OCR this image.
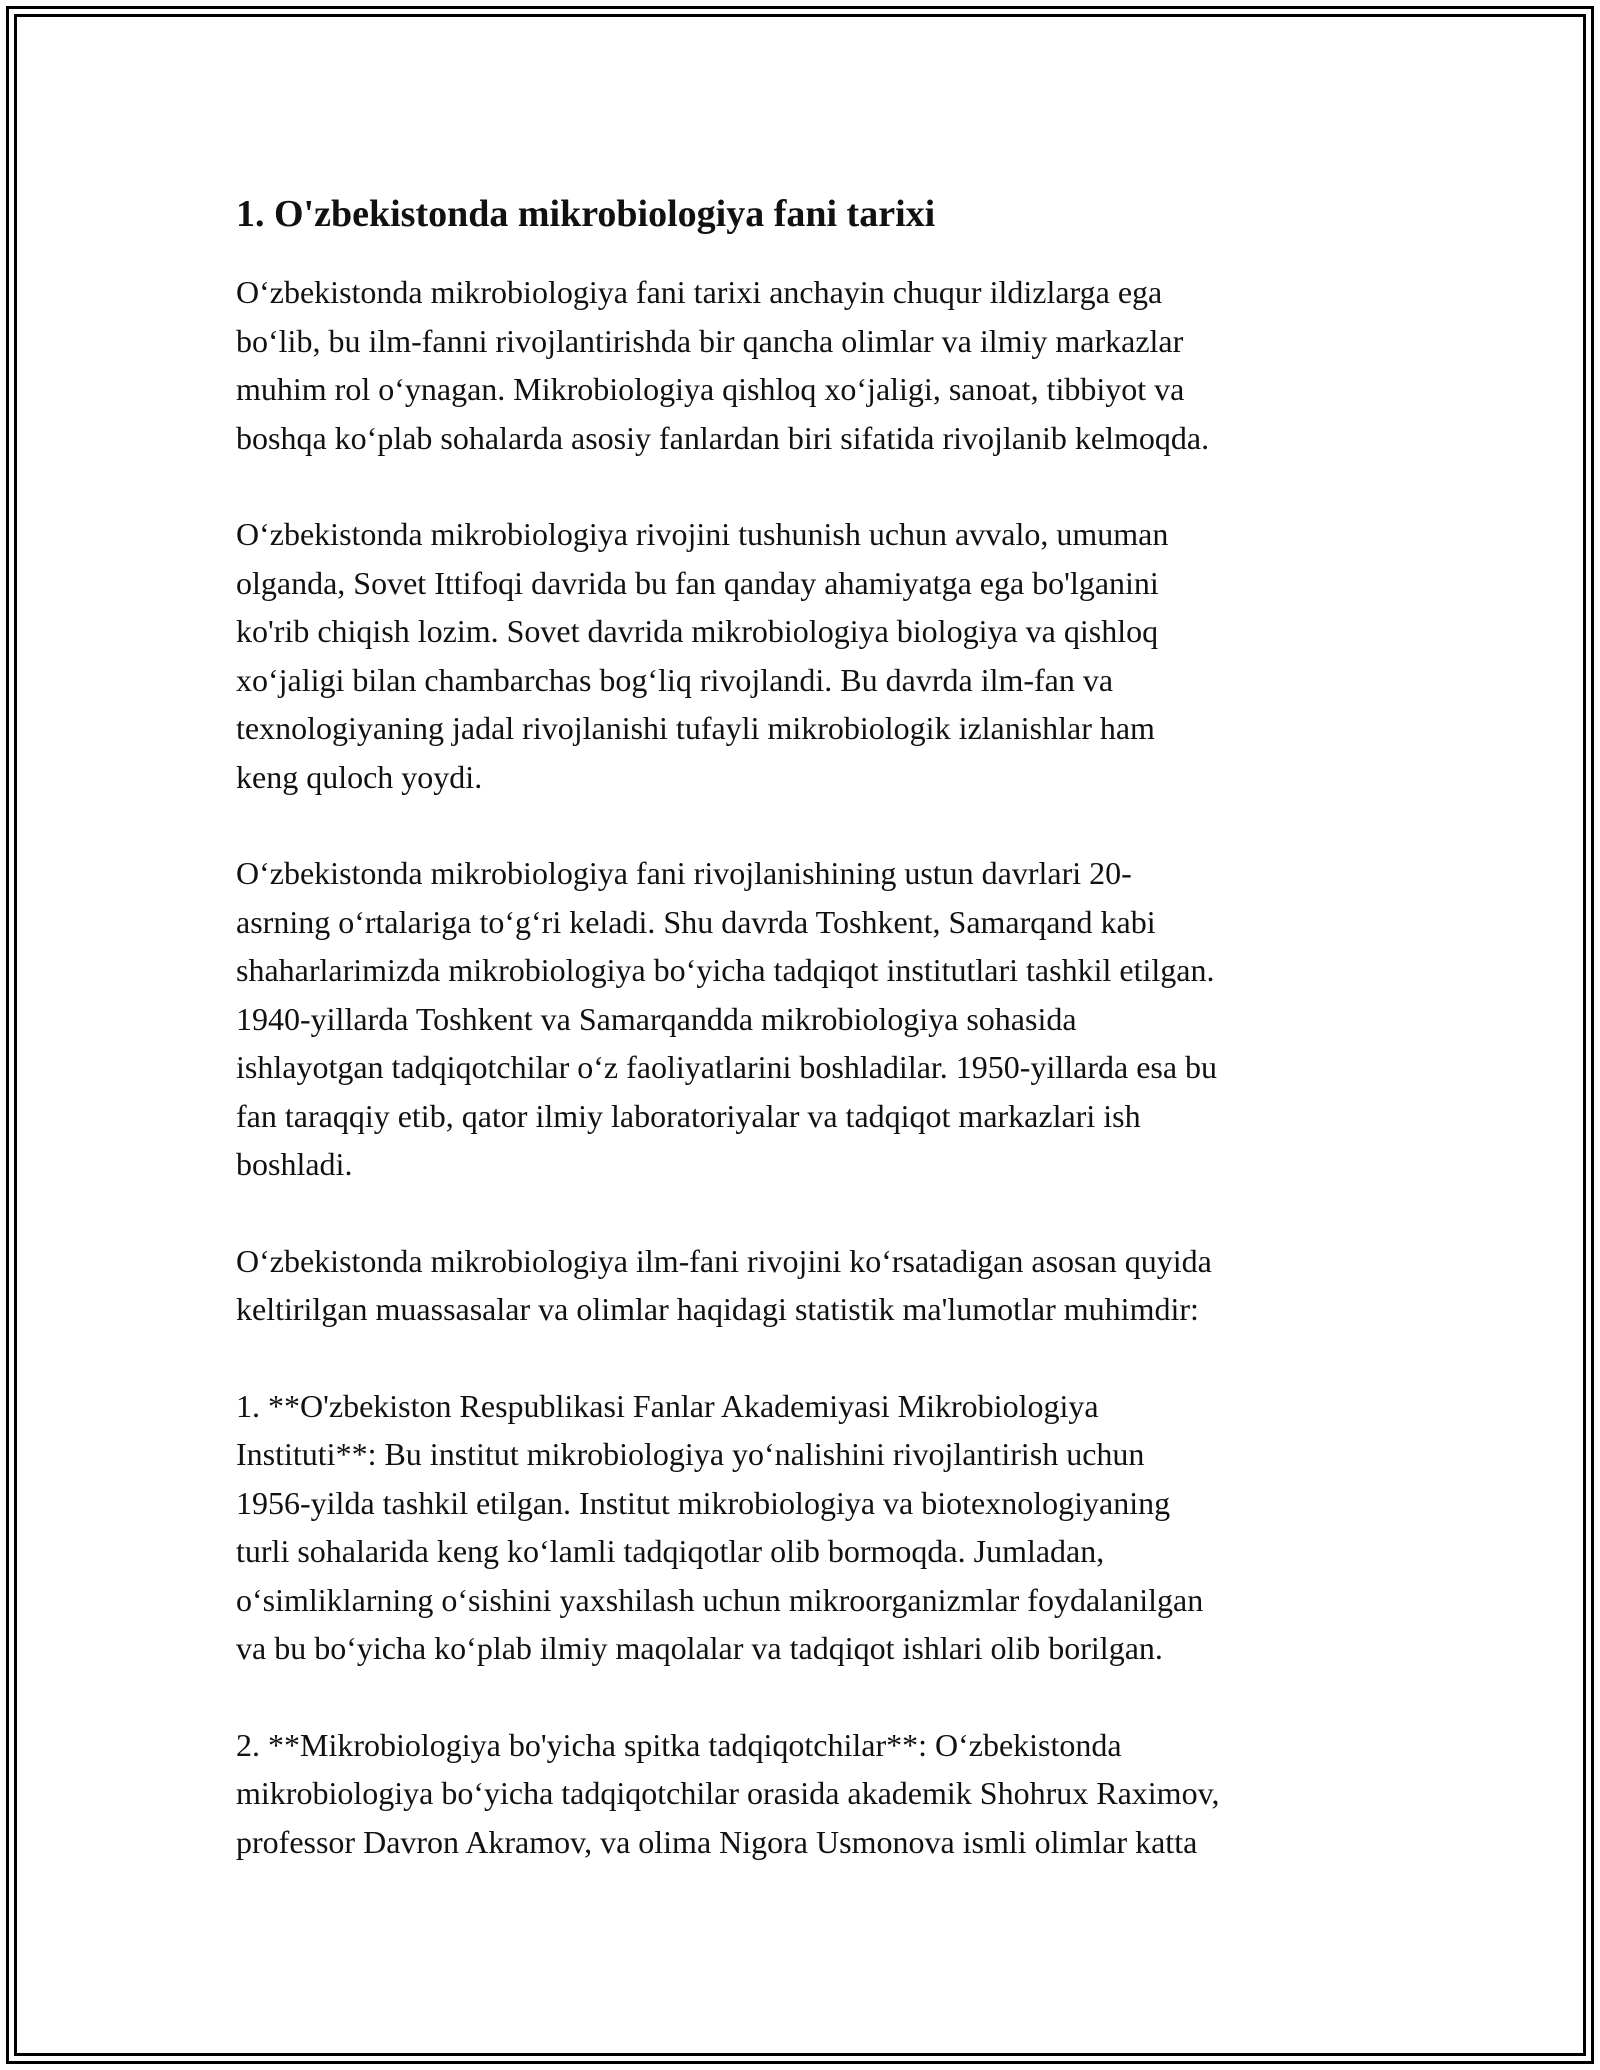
1. O'zbekistonda mikrobiologiya fani tarixi

O‘zbekistonda mikrobiologiya fani tarixi anchayin chuqur ildizlarga ega
bo‘lib, bu ilm-fanni rivojlantirishda bir qancha olimlar va ilmiy markazlar
muhim rol o‘ynagan. Mikrobiologiya qishloq xo‘jaligi, sanoat, tibbiyot va
boshqa ko‘plab sohalarda asosiy fanlardan biri sifatida rivojlanib kelmoqda.

O‘zbekistonda mikrobiologiya rivojini tushunish uchun avvalo, umuman
olganda, Sovet Ittifoqi davrida bu fan qanday ahamiyatga ega bo'lganini
ko'rib chiqish lozim. Sovet davrida mikrobiologiya biologiya va qishloq
xo‘jaligi bilan chambarchas bog‘liq rivojlandi. Bu davrda ilm-fan va
texnologiyaning jadal rivojlanishi tufayli mikrobiologik izlanishlar ham
keng quloch yoydi.

O‘zbekistonda mikrobiologiya fani rivojlanishining ustun davrlari 20-
asrning o‘rtalariga to‘g‘ri keladi. Shu davrda Toshkent, Samarqand kabi
shaharlarimizda mikrobiologiya bo‘yicha tadqiqot institutlari tashkil etilgan.
1940-yillarda Toshkent va Samarqandda mikrobiologiya sohasida
ishlayotgan tadqiqotchilar o‘z faoliyatlarini boshladilar. 1950-yillarda esa bu
fan taraqqiy etib, qator ilmiy laboratoriyalar va tadqiqot markazlari ish
boshladi.

O‘zbekistonda mikrobiologiya ilm-fani rivojini ko‘rsatadigan asosan quyida
keltirilgan muassasalar va olimlar haqidagi statistik ma'lumotlar muhimdir:

1. **O'zbekiston Respublikasi Fanlar Akademiyasi Mikrobiologiya
Instituti**: Bu institut mikrobiologiya yo‘nalishini rivojlantirish uchun
1956-yilda tashkil etilgan. Institut mikrobiologiya va biotexnologiyaning
turli sohalarida keng ko‘lamli tadqiqotlar olib bormoqda. Jumladan,
o‘simliklarning o‘sishini yaxshilash uchun mikroorganizmlar foydalanilgan
va bu bo‘yicha ko‘plab ilmiy maqolalar va tadqiqot ishlari olib borilgan.

2. **Mikrobiologiya bo'yicha spitka tadqiqotchilar**: O‘zbekistonda
mikrobiologiya bo‘yicha tadqiqotchilar orasida akademik Shohrux Raximov,
professor Davron Akramov, va olima Nigora Usmonova ismli olimlar katta
